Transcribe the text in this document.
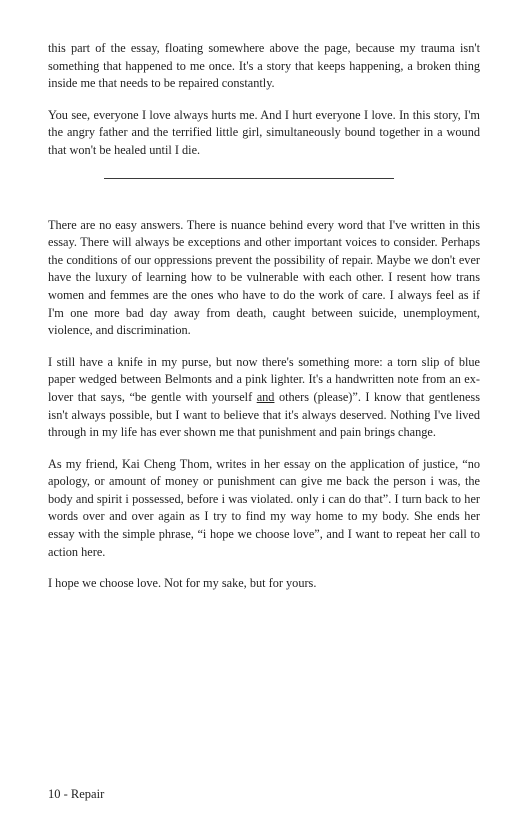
this part of the essay, floating somewhere above the page, because my trauma isn't something that happened to me once. It's a story that keeps happening, a broken thing inside me that needs to be repaired constantly.

You see, everyone I love always hurts me. And I hurt everyone I love. In this story, I'm the angry father and the terrified little girl, simultaneously bound together in a wound that won't be healed until I die.

There are no easy answers. There is nuance behind every word that I've written in this essay. There will always be exceptions and other important voices to consider. Perhaps the conditions of our oppressions prevent the possibility of repair. Maybe we don't ever have the luxury of learning how to be vulnerable with each other. I resent how trans women and femmes are the ones who have to do the work of care. I always feel as if I'm one more bad day away from death, caught between suicide, unemployment, violence, and discrimination.

I still have a knife in my purse, but now there's something more: a torn slip of blue paper wedged between Belmonts and a pink lighter. It's a handwritten note from an ex-lover that says, “be gentle with yourself and others (please)”. I know that gentleness isn't always possible, but I want to believe that it's always deserved. Nothing I've lived through in my life has ever shown me that punishment and pain brings change.

As my friend, Kai Cheng Thom, writes in her essay on the application of justice, “no apology, or amount of money or punishment can give me back the person i was, the body and spirit i possessed, before i was violated. only i can do that”. I turn back to her words over and over again as I try to find my way home to my body. She ends her essay with the simple phrase, “i hope we choose love”, and I want to repeat her call to action here.

I hope we choose love. Not for my sake, but for yours.

10 - Repair
